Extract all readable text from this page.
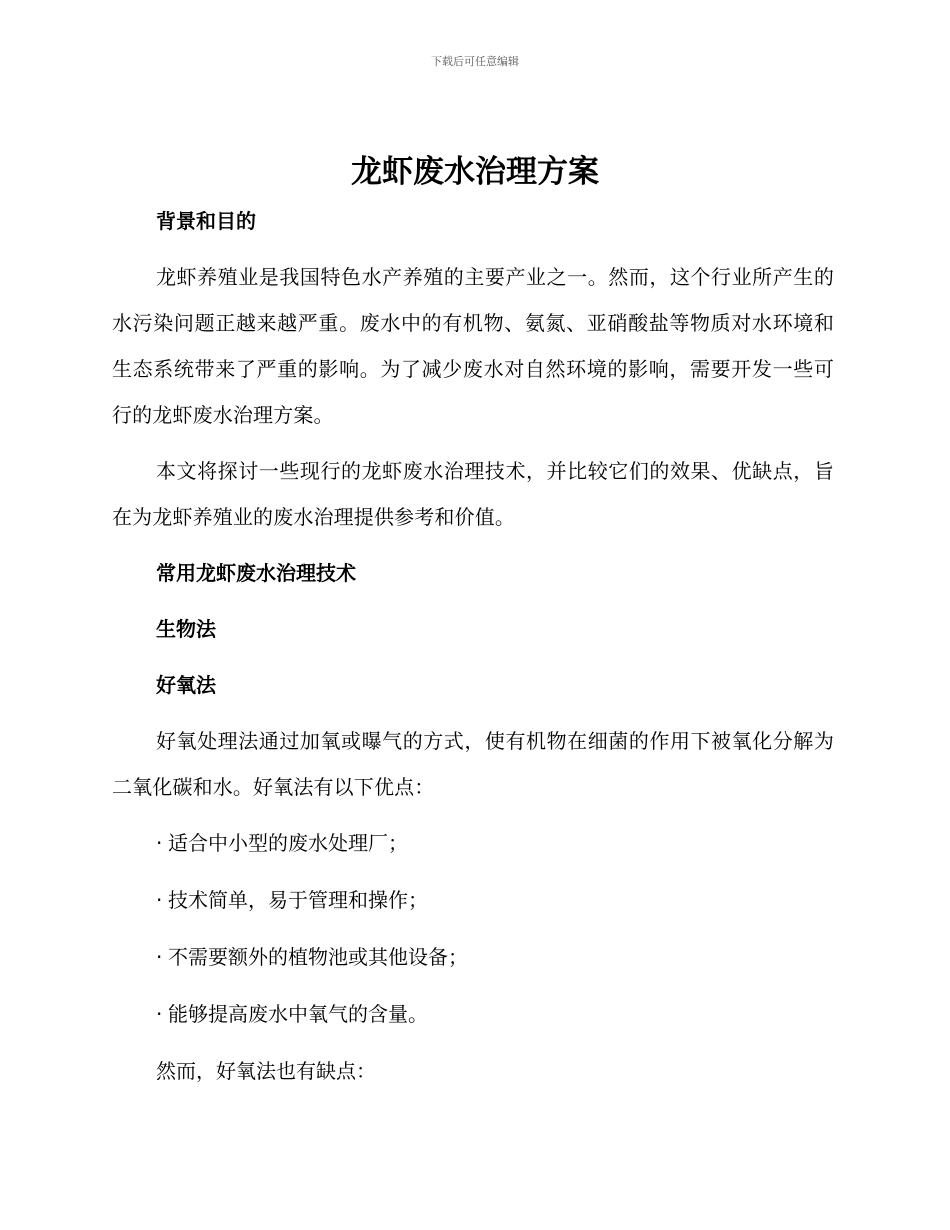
下载后可任意编辑
龙虾废水治理方案

背景和目的

龙虾养殖业是我国特色水产养殖的主要产业之一。然而，这个行业所产生的水污染问题正越来越严重。废水中的有机物、氨氮、亚硝酸盐等物质对水环境和生态系统带来了严重的影响。为了减少废水对自然环境的影响，需要开发一些可行的龙虾废水治理方案。

本文将探讨一些现行的龙虾废水治理技术，并比较它们的效果、优缺点，旨在为龙虾养殖业的废水治理提供参考和价值。

常用龙虾废水治理技术

生物法

好氧法

好氧处理法通过加氧或曝气的方式，使有机物在细菌的作用下被氧化分解为二氧化碳和水。好氧法有以下优点：

· 适合中小型的废水处理厂；

· 技术简单，易于管理和操作；

· 不需要额外的植物池或其他设备；

· 能够提高废水中氧气的含量。

然而，好氧法也有缺点：
